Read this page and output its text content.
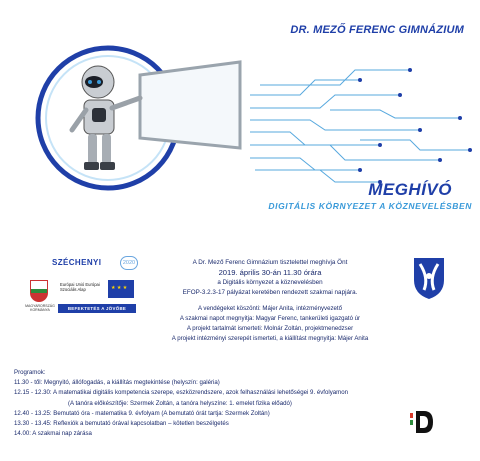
DR. MEZŐ FERENC GIMNÁZIUM
MEGHÍVÓ
DIGITÁLIS KÖRNYEZET A KÖZNEVELÉSBEN
SZÉCHENYI	2020
MAGYARORSZÁG KORMÁNYA
Európai Unió Európai Szociális Alap
★ ★ ★
BEFEKTETÉS A JÖVŐBE
A Dr. Mező Ferenc Gimnázium tisztelettel meghívja Önt
2019. április 30-án 11.30 órára
a Digitális környezet a köznevelésben
EFOP-3.2.3-17 pályázat keretében rendezett szakmai napjára.
A vendégeket köszönti: Májer Anita, intézményvezető
A szakmai napot megnyitja: Magyar Ferenc, tankerületi igazgató úr
A projekt tartalmát ismerteti: Molnár Zoltán, projektmenedzser
A projekt intézményi szerepét ismerteti, a kiállítást megnyitja: Májer Anita
Programok:
11.30 - től: Megnyitó, állófogadás, a kiállítás megtekintése (helyszín: galéria)
12.15 - 12.30: A matematikai digitális kompetencia szerepe, eszközrendszere, azok felhasználási lehetőségei 9. évfolyamon
(A tanóra előkészítője: Szermek Zoltán, a tanóra helyszíne: 1. emelet fizika előadó)
12.40 - 13.25: Bemutató óra - matematika 9. évfolyam (A bemutató órát tartja: Szermek Zoltán)
13.30 - 13.45: Reflexiók a bemutató órával kapcsolatban – kötetlen beszélgetés
14.00: A szakmai nap zárása
